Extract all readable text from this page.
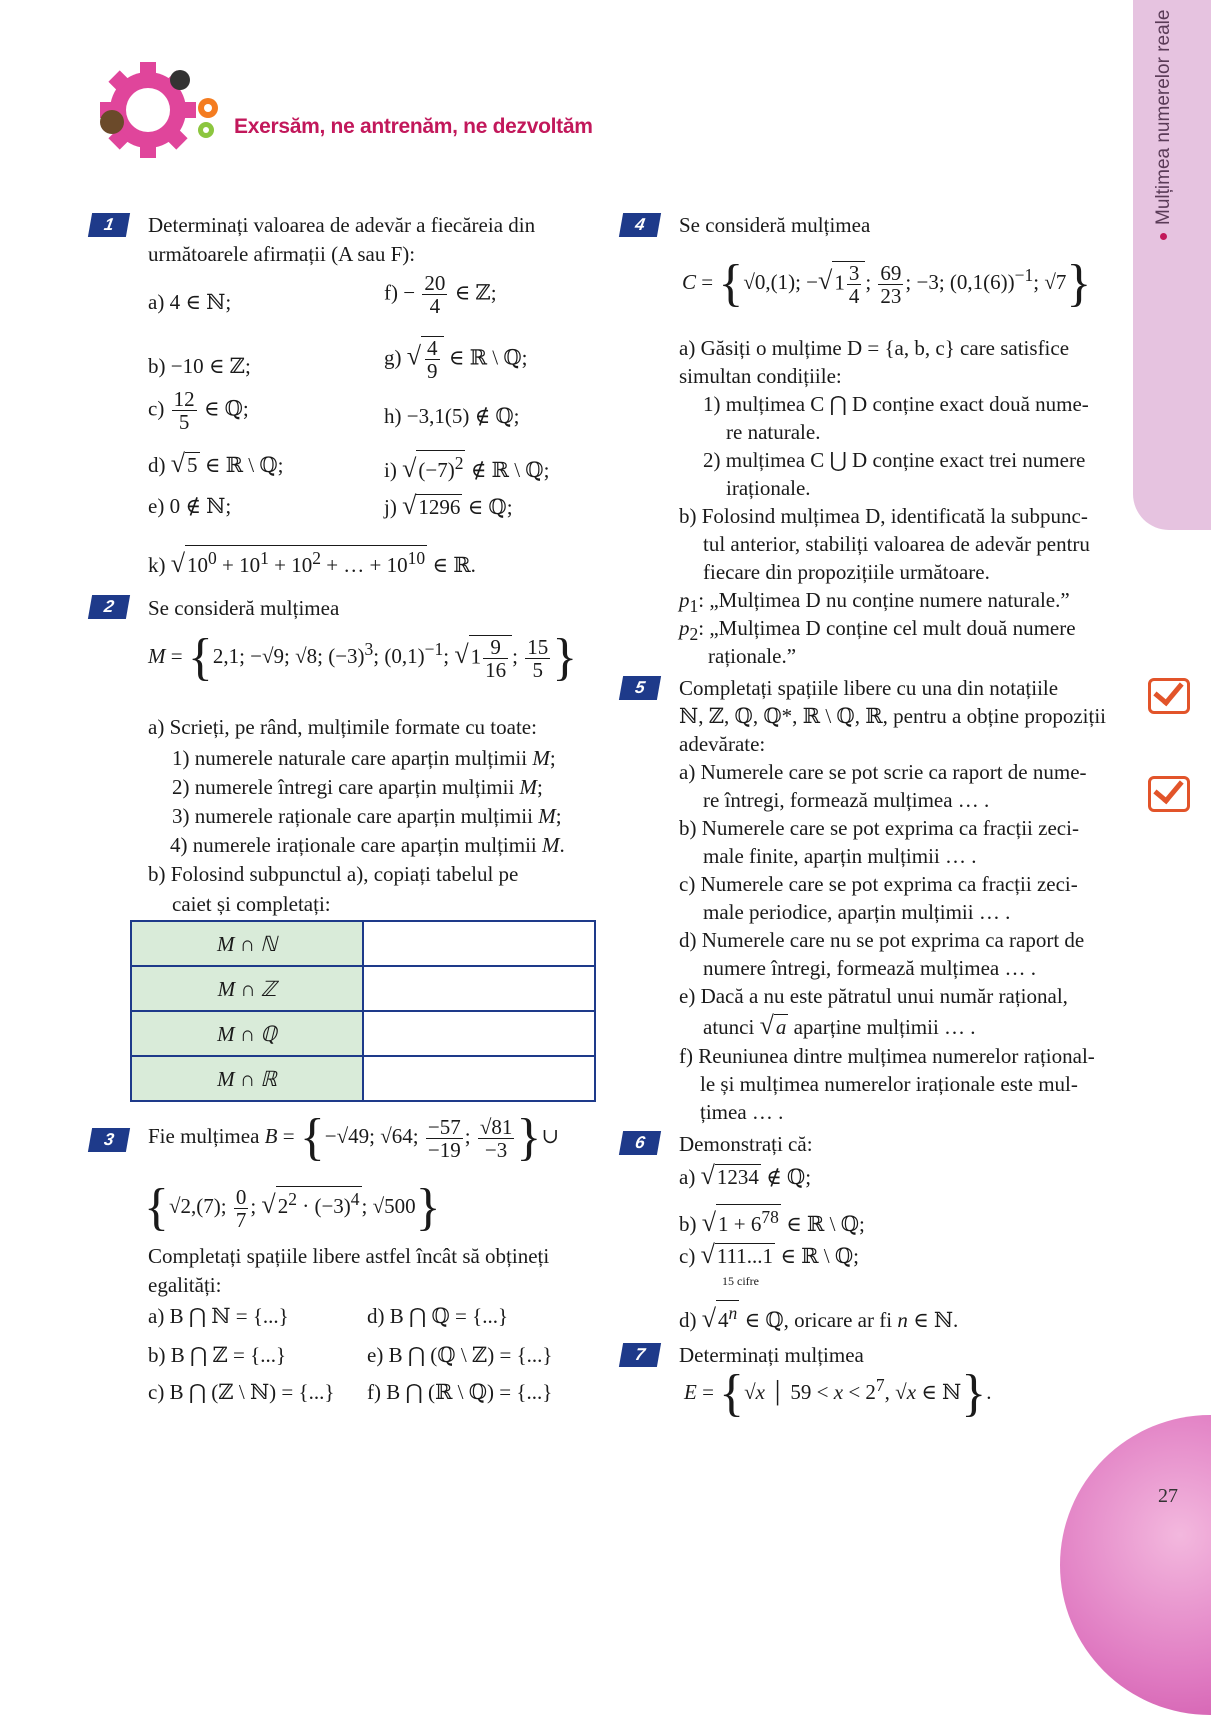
Mulțimea numerelor reale
27
Exersăm, ne antrenăm, ne dezvoltăm
1	Determinați valoarea de adevăr a fiecăreia din
următoarele afirmații (A sau F):
a) 4 ∈ ℕ;
b) −10 ∈ ℤ;
$c) \frac{12}{5}$ ∈ ℚ;
d) √5 ∈ ℝ \ ℚ;
e) 0 ∉ ℕ;
$f) - \frac{20}{4}$ ∈ ℤ;
g) √ $\frac{4}{9}$ ∈ ℝ \ ℚ;
h) −3,1(5) ∉ ℚ;
i) $√(-7)^2$ ∉ ℝ \ ℚ;
j) √1296 ∈ ℚ;
k) $√10^0 + 10^1 + 10^2$ + … + $10^{10}$ ∈ ℝ.
2	Se consideră mulțimea
M = {2,1; −√9; √8; $(-3)^3$; $(0,1)^{-1}$; $√1 \frac{9}{16}$ ; $\frac{15}{5}$ }
a) Scrieți, pe rând, mulțimile formate cu toate:
1) numerele naturale care aparțin mulțimii M;
2) numerele întregi care aparțin mulțimii M;
3) numerele raționale care aparțin mulțimii M;
4) numerele iraționale care aparțin mulțimii M.
b) Folosind subpunctul a), copiați tabelul pe
caiet și completați:
M ∩ ℕ	
M ∩ ℤ	
M ∩ ℚ	
M ∩ ℝ	
3	Fie mulțimea B = {−√49; √64; $\frac{-57}{-19}$ ; $\frac{√81}{-3}$ }∪
{√2,(7); $\frac{0}{7}$ ; $√2^2 \cdot (-3)^4$; √500}
Completați spațiile libere astfel încât să obțineți
egalități:
a) B ⋂ ℕ = {...}
b) B ⋂ ℤ = {...}
c) B ⋂ (ℤ \ ℕ) = {...}
d) B ⋂ ℚ = {...}
e) B ⋂ (ℚ \ ℤ) = {...}
f) B ⋂ (ℝ \ ℚ) = {...}
4	Se consideră mulțimea
C = {√0,(1); $-√1 \frac{3}{4}$ ; $\frac{69}{23}$ ; −3; $(0,1(6))^{-1}$; √7}
a) Găsiți o mulțime D = {a, b, c} care satisfice
simultan condițiile:
1) mulțimea C ⋂ D conține exact două nume-
re naturale.
2) mulțimea C ⋃ D conține exact trei numere
iraționale.
b) Folosind mulțimea D, identificată la subpunc-
tul anterior, stabiliți valoarea de adevăr pentru
fiecare din propozițiile următoare.
$p_1$: „Mulțimea D nu conține numere naturale.”
$p_2$: „Mulțimea D conține cel mult două numere
raționale.”
5	Completați spațiile libere cu una din notațiile
ℕ, ℤ, ℚ, ℚ*, ℝ \ ℚ, ℝ, pentru a obține propoziții
adevărate:
a) Numerele care se pot scrie ca raport de nume-
re întregi, formează mulțimea … .
b) Numerele care se pot exprima ca fracții zeci-
male finite, aparțin mulțimii … .
c) Numerele care se pot exprima ca fracții zeci-
male periodice, aparțin mulțimii … .
d) Numerele care nu se pot exprima ca raport de
numere întregi, formează mulțimea … .
e) Dacă a nu este pătratul unui număr rațional,
atunci √a aparține mulțimii … .
f) Reuniunea dintre mulțimea numerelor rațional-
le și mulțimea numerelor iraționale este mul-
țimea … .
6	Demonstrați că:
a) √1234 ∉ ℚ;
b) $√1 + 6^{78}$ ∈ ℝ \ ℚ;
c) √111...1 ∈ ℝ \ ℚ;
15 cifre
d) √4$^n$ ∈ ℚ, oricare ar fi n ∈ ℕ.
7	Determinați mulțimea
E = {√x │ $59 < x < 2^7$, √x ∈ ℕ}.
